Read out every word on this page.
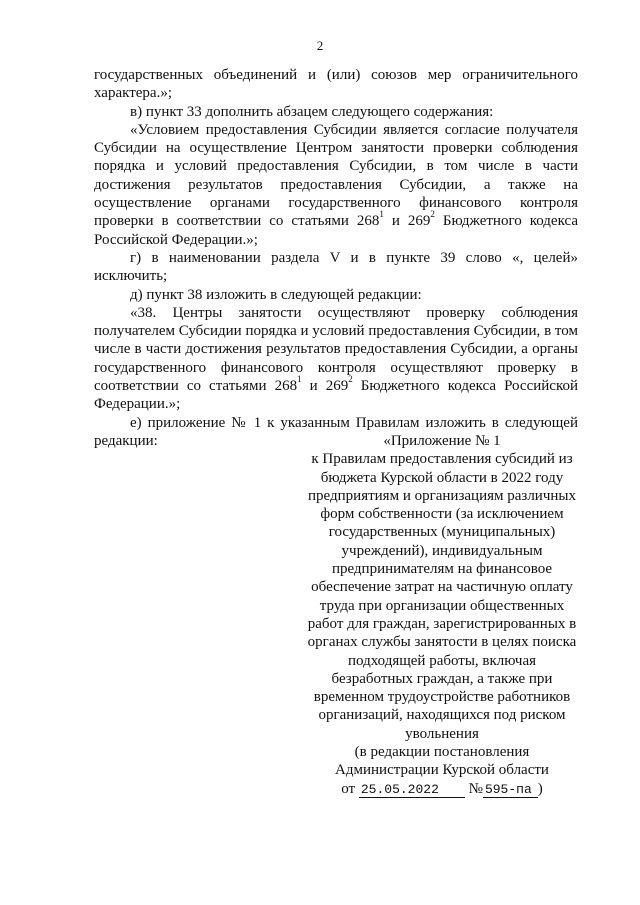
2

государственных объединений и (или) союзов мер ограничительного характера.»;

в) пункт 33 дополнить абзацем следующего содержания:

«Условием предоставления Субсидии является согласие получателя Субсидии на осуществление Центром занятости проверки соблюдения порядка и условий предоставления Субсидии, в том числе в части достижения результатов предоставления Субсидии, а также на осуществление органами государственного финансового контроля проверки в соответствии со статьями $268^1$ и $269^2$ Бюджетного кодекса Российской Федерации.»;

г) в наименовании раздела V и в пункте 39 слово «, целей» исключить;

д) пункт 38 изложить в следующей редакции:

«38. Центры занятости осуществляют проверку соблюдения получателем Субсидии порядка и условий предоставления Субсидии, в том числе в части достижения результатов предоставления Субсидии, а органы государственного финансового контроля осуществляют проверку в соответствии со статьями $268^1$ и $269^2$ Бюджетного кодекса Российской Федерации.»;

е) приложение № 1 к указанным Правилам изложить в следующей редакции:	«Приложение № 1
к Правилам предоставления субсидий из
бюджета Курской области в 2022 году
предприятиям и организациям различных
форм собственности (за исключением
государственных (муниципальных)
учреждений), индивидуальным
предпринимателям на финансовое
обеспечение затрат на частичную оплату
труда при организации общественных
работ для граждан, зарегистрированных в
органах службы занятости в целях поиска
подходящей работы, включая
безработных граждан, а также при
временном трудоустройстве работников
организаций, находящихся под риском
увольнения
(в редакции постановления
Администрации Курской области
от 25.05.2022 № 595-па )
